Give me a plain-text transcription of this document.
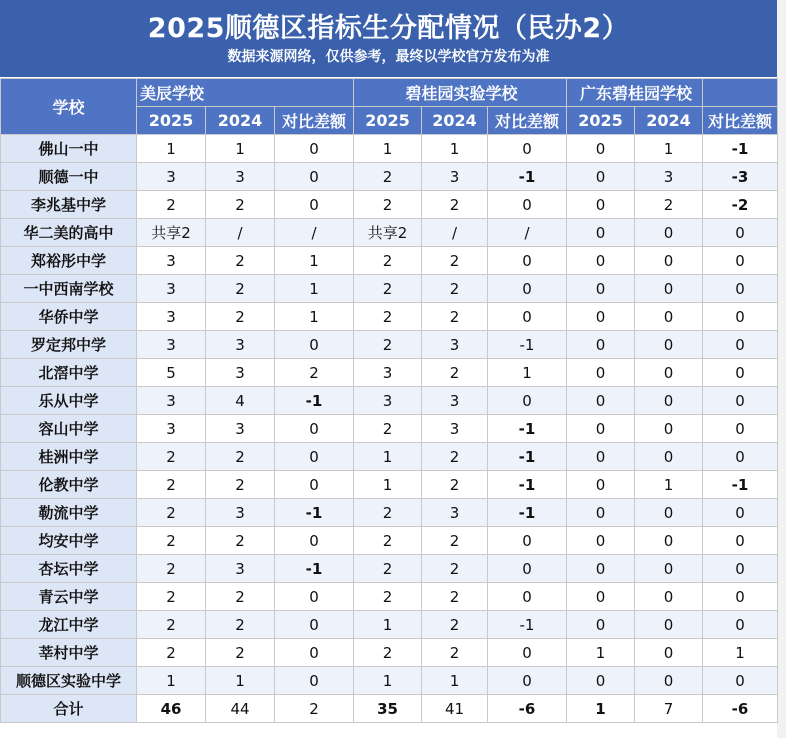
2025顺德区指标生分配情况（民办2）
数据来源网络，仅供参考，最终以学校官方发布为准
学校	美辰学校			碧桂园实验学校			广东碧桂园学校		
	2025	2024	对比差额	2025	2024	对比差额	2025	2024	对比差额
佛山一中	1	1	0	1	1	0	0	1	-1
顺德一中	3	3	0	2	3	-1	0	3	-3
李兆基中学	2	2	0	2	2	0	0	2	-2
华二美的高中	共享2	/	/	共享2	/	/	0	0	0
郑裕彤中学	3	2	1	2	2	0	0	0	0
一中西南学校	3	2	1	2	2	0	0	0	0
华侨中学	3	2	1	2	2	0	0	0	0
罗定邦中学	3	3	0	2	3	-1	0	0	0
北滘中学	5	3	2	3	2	1	0	0	0
乐从中学	3	4	-1	3	3	0	0	0	0
容山中学	3	3	0	2	3	-1	0	0	0
桂洲中学	2	2	0	1	2	-1	0	0	0
伦教中学	2	2	0	1	2	-1	0	1	-1
勒流中学	2	3	-1	2	3	-1	0	0	0
均安中学	2	2	0	2	2	0	0	0	0
杏坛中学	2	3	-1	2	2	0	0	0	0
青云中学	2	2	0	2	2	0	0	0	0
龙江中学	2	2	0	1	2	-1	0	0	0
莘村中学	2	2	0	2	2	0	1	0	1
顺德区实验中学	1	1	0	1	1	0	0	0	0
合计	46	44	2	35	41	-6	1	7	-6
